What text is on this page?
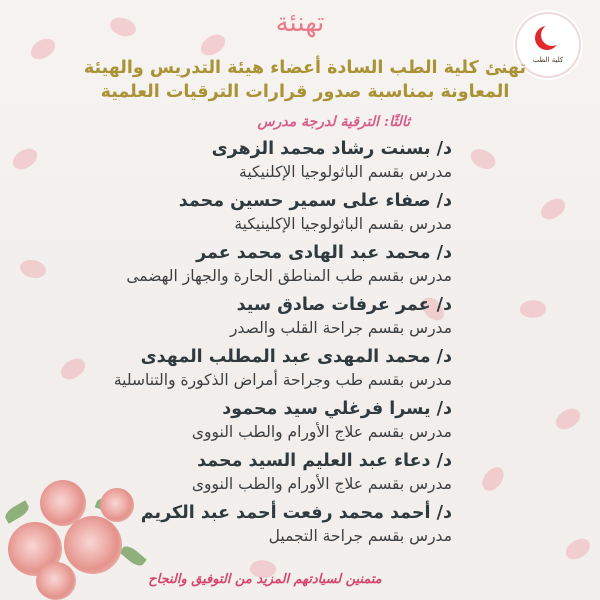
كلية الطب
تهنئة
تهنئ كلية الطب السادة أعضاء هيئة التدريس والهيئة
المعاونة بمناسبة صدور قرارات الترقيات العلمية
ثالثًا: الترقية لدرجة مدرس
د/ بسنت رشاد محمد الزهرى
مدرس بقسم الباثولوجيا الإكلنيكية
د/ صفاء على سمير حسين محمد
مدرس بقسم الباثولوجيا الإكلينيكية
د/ محمد عبد الهادى محمد عمر
مدرس بقسم طب المناطق الحارة والجهاز الهضمى
د/ عمر عرفات صادق سيد
مدرس بقسم جراحة القلب والصدر
د/ محمد المهدى عبد المطلب المهدى
مدرس بقسم طب وجراحة أمراض الذكورة والتناسلية
د/ يسرا فرغلي سيد محمود
مدرس بقسم علاج الأورام والطب النووى
د/ دعاء عبد العليم السيد محمد
مدرس بقسم علاج الأورام والطب النووى
د/ أحمد محمد رفعت أحمد عبد الكريم
مدرس بقسم جراحة التجميل
متمنين لسيادتهم المزيد من التوفيق والنجاح
